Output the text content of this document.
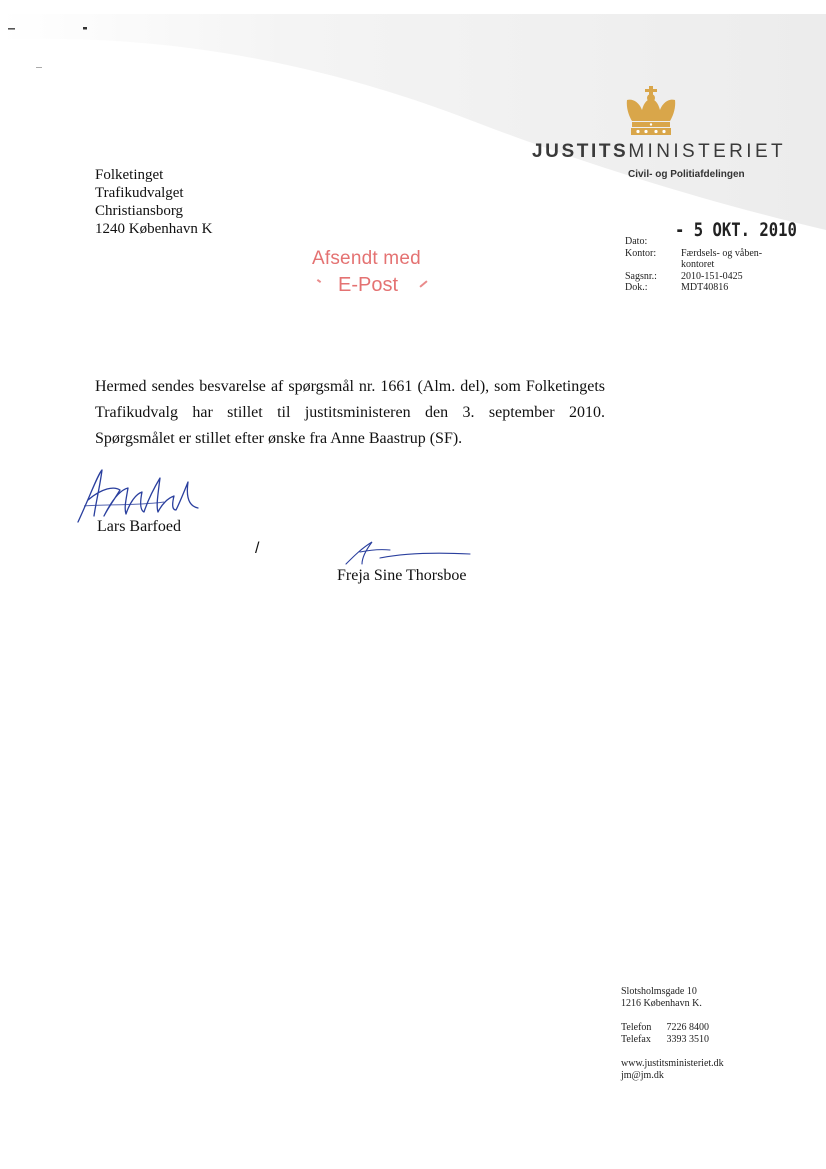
JUSTITSMINISTERIET
Civil- og Politiafdelingen
Folketinget
Trafikudvalget
Christiansborg
1240 København K
Afsendt med
E-Post
- 5 OKT. 2010
Dato:
Kontor:	Færdsels- og våben-
kontoret
Sagsnr.:	2010-151-0425
Dok.:	MDT40816
Hermed sendes besvarelse af spørgsmål nr. 1661 (Alm. del), som Folketingets Trafikudvalg har stillet til justitsministeren den 3. september 2010. Spørgsmålet er stillet efter ønske fra Anne Baastrup (SF).
Lars Barfoed
/
Freja Sine Thorsboe
Slotsholmsgade 10
1216 København K.
Telefon 7226 8400
Telefax 3393 3510
www.justitsministeriet.dk
jm@jm.dk
